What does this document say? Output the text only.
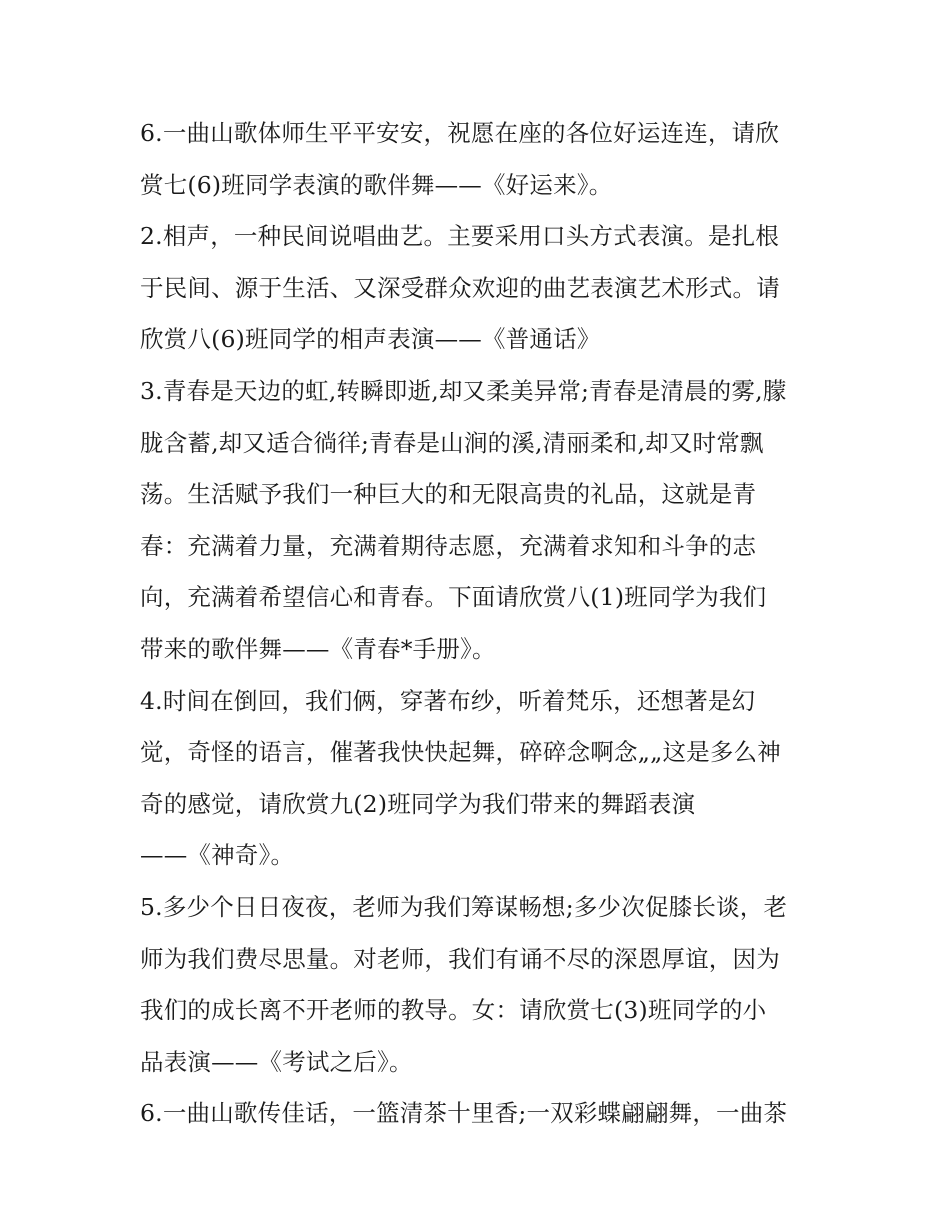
6.一曲山歌体师生平平安安，祝愿在座的各位好运连连，请欣
赏七(6)班同学表演的歌伴舞——《好运来》。
2.相声，一种民间说唱曲艺。主要采用口头方式表演。是扎根
于民间、源于生活、又深受群众欢迎的曲艺表演艺术形式。请
欣赏八(6)班同学的相声表演——《普通话》
3.青春是天边的虹,转瞬即逝,却又柔美异常;青春是清晨的雾,朦
胧含蓄,却又适合徜徉;青春是山涧的溪,清丽柔和,却又时常飘
荡。生活赋予我们一种巨大的和无限高贵的礼品，这就是青
春：充满着力量，充满着期待志愿，充满着求知和斗争的志
向，充满着希望信心和青春。下面请欣赏八(1)班同学为我们
带来的歌伴舞——《青春*手册》。
4.时间在倒回，我们俩，穿著布纱，听着梵乐，还想著是幻
觉，奇怪的语言，催著我快快起舞，碎碎念啊念„„这是多么神
奇的感觉，请欣赏九(2)班同学为我们带来的舞蹈表演
——《神奇》。
5.多少个日日夜夜，老师为我们筹谋畅想;多少次促膝长谈，老
师为我们费尽思量。对老师，我们有诵不尽的深恩厚谊，因为
我们的成长离不开老师的教导。女：请欣赏七(3)班同学的小
品表演——《考试之后》。
6.一曲山歌传佳话，一篮清茶十里香;一双彩蝶翩翩舞，一曲茶
